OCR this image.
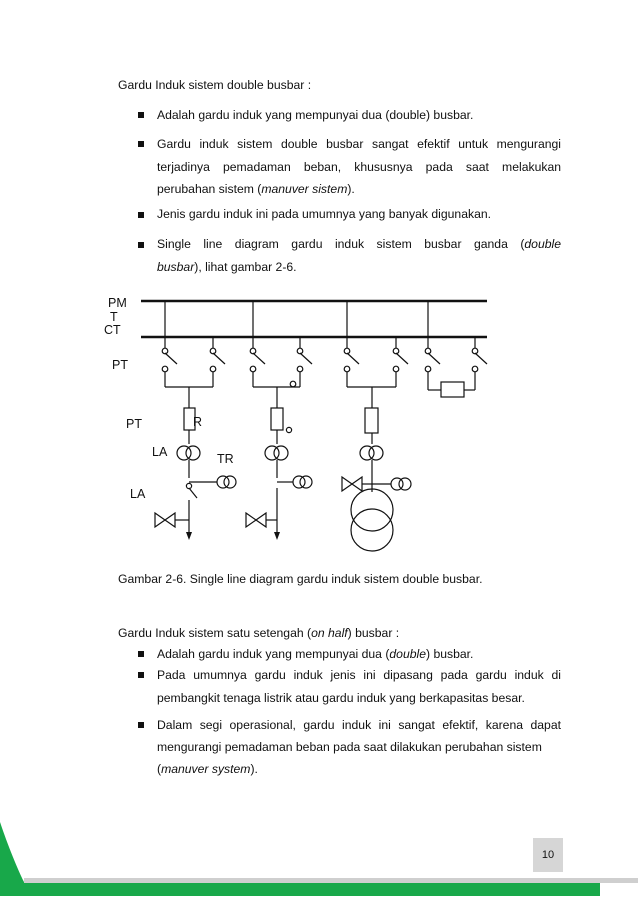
Gardu Induk sistem double busbar :
Adalah gardu induk yang mempunyai dua (double) busbar.
Gardu induk sistem double busbar sangat efektif untuk mengurangi
terjadinya pemadaman beban, khususnya pada saat melakukan
perubahan sistem (manuver sistem).
Jenis gardu induk ini pada umumnya yang banyak digunakan.
Single line diagram gardu induk sistem busbar ganda (double
busbar), lihat gambar 2-6.
PM
T
CT
PT
PT	R
LA	TR
LA
Gambar 2-6. Single line diagram gardu induk sistem double busbar.
Gardu Induk sistem satu setengah (on half) busbar :
Adalah gardu induk yang mempunyai dua (double) busbar.
Pada umumnya gardu induk jenis ini dipasang pada gardu induk di
pembangkit tenaga listrik atau gardu induk yang berkapasitas besar.
Dalam segi operasional, gardu induk ini sangat efektif, karena dapat
mengurangi pemadaman beban pada saat dilakukan perubahan sistem
(manuver system).
10
